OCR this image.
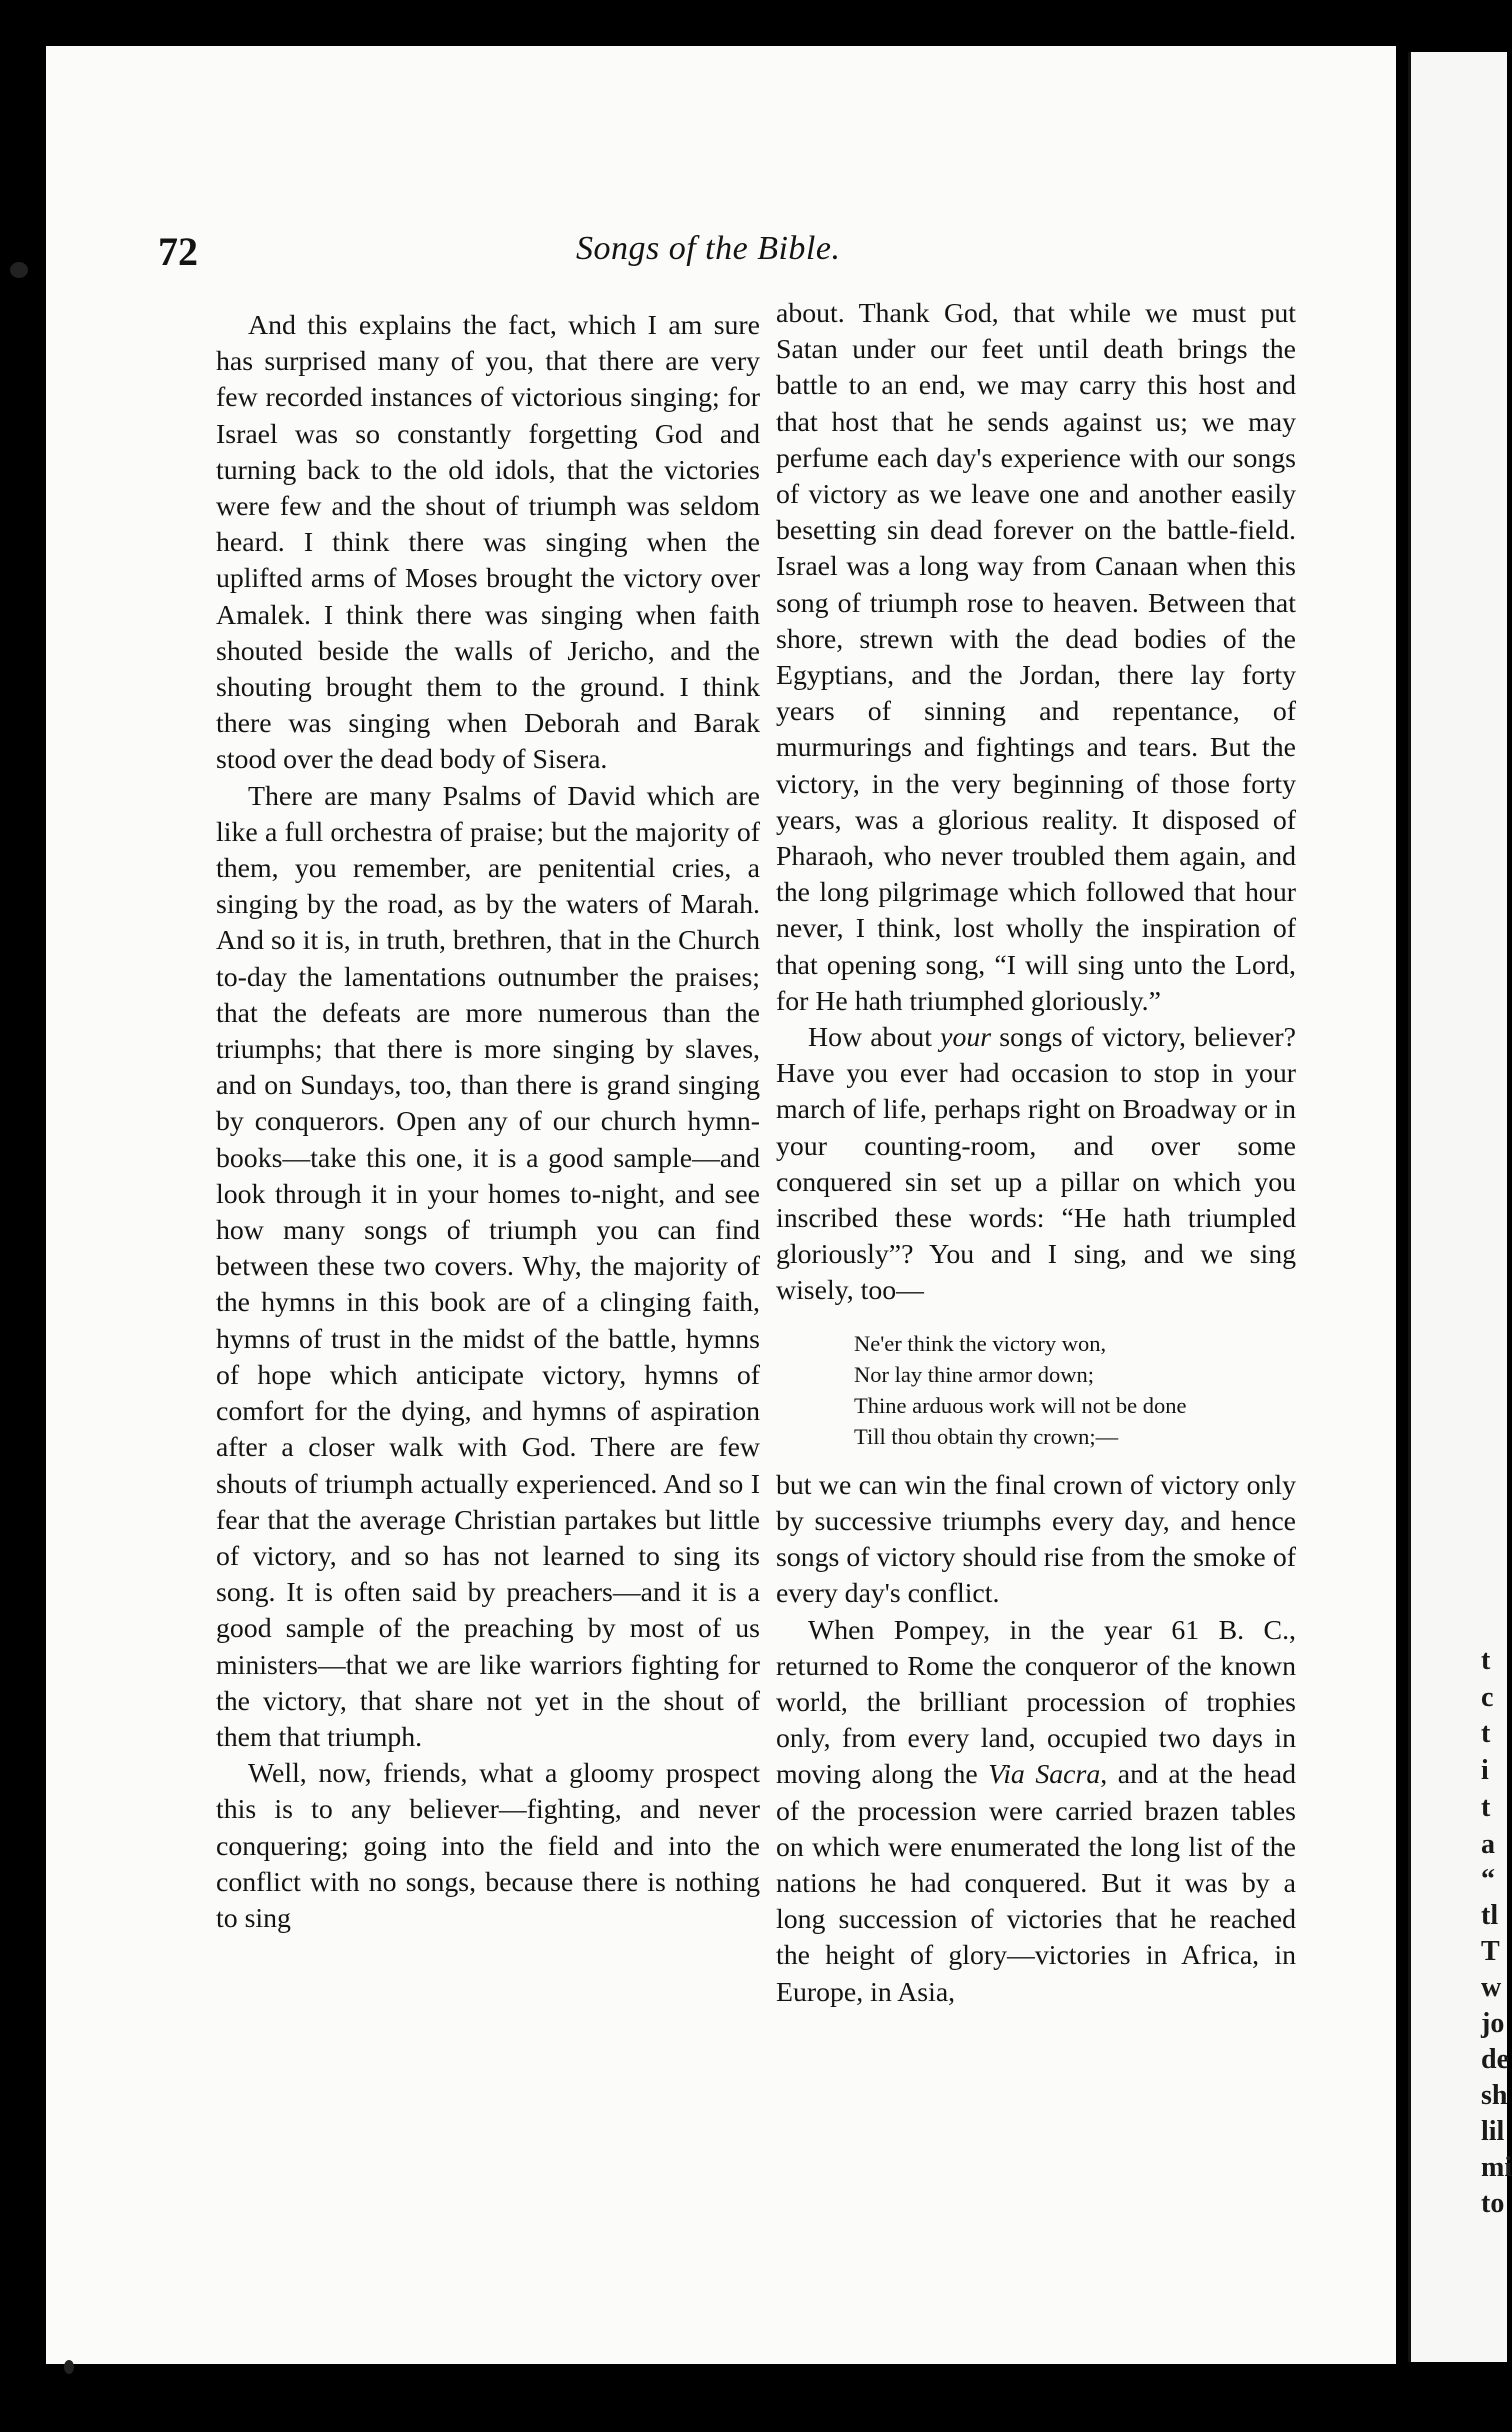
72	Songs of the Bible.

And this explains the fact, which I am sure has surprised many of you, that there are very few recorded instances of victorious singing; for Israel was so constantly forgetting God and turning back to the old idols, that the victories were few and the shout of triumph was seldom heard. I think there was singing when the uplifted arms of Moses brought the victory over Amalek. I think there was singing when faith shouted beside the walls of Jericho, and the shouting brought them to the ground. I think there was singing when Deborah and Barak stood over the dead body of Sisera.

There are many Psalms of David which are like a full orchestra of praise; but the majority of them, you remember, are penitential cries, a singing by the road, as by the waters of Marah. And so it is, in truth, brethren, that in the Church to-day the lamentations outnumber the praises; that the defeats are more numerous than the triumphs; that there is more singing by slaves, and on Sundays, too, than there is grand singing by conquerors. Open any of our church hymn-books—take this one, it is a good sample—and look through it in your homes to-night, and see how many songs of triumph you can find between these two covers. Why, the majority of the hymns in this book are of a clinging faith, hymns of trust in the midst of the battle, hymns of hope which anticipate victory, hymns of comfort for the dying, and hymns of aspiration after a closer walk with God. There are few shouts of triumph actually experienced. And so I fear that the average Christian partakes but little of victory, and so has not learned to sing its song. It is often said by preachers—and it is a good sample of the preaching by most of us ministers—that we are like warriors fighting for the victory, that share not yet in the shout of them that triumph.

Well, now, friends, what a gloomy prospect this is to any believer—fighting, and never conquering; going into the field and into the conflict with no songs, because there is nothing to sing

about. Thank God, that while we must put Satan under our feet until death brings the battle to an end, we may carry this host and that host that he sends against us; we may perfume each day's experience with our songs of victory as we leave one and another easily besetting sin dead forever on the battle-field. Israel was a long way from Canaan when this song of triumph rose to heaven. Between that shore, strewn with the dead bodies of the Egyptians, and the Jordan, there lay forty years of sinning and repentance, of murmurings and fightings and tears. But the victory, in the very beginning of those forty years, was a glorious reality. It disposed of Pharaoh, who never troubled them again, and the long pilgrimage which followed that hour never, I think, lost wholly the inspiration of that opening song, “I will sing unto the Lord, for He hath triumphed gloriously.”

How about your songs of victory, believer? Have you ever had occasion to stop in your march of life, perhaps right on Broadway or in your counting-room, and over some conquered sin set up a pillar on which you inscribed these words: “He hath triumpled gloriously”? You and I sing, and we sing wisely, too—

Ne'er think the victory won,
Nor lay thine armor down;
Thine arduous work will not be done
Till thou obtain thy crown;—

but we can win the final crown of victory only by successive triumphs every day, and hence songs of victory should rise from the smoke of every day's conflict.

When Pompey, in the year 61 B. C., returned to Rome the conqueror of the known world, the brilliant procession of trophies only, from every land, occupied two days in moving along the Via Sacra, and at the head of the procession were carried brazen tables on which were enumerated the long list of the nations he had conquered. But it was by a long succession of victories that he reached the height of glory—victories in Africa, in Europe, in Asia,

t
c
t
i
t
a
“
tl
T
w
jo
de
sh
lil
mi
to
